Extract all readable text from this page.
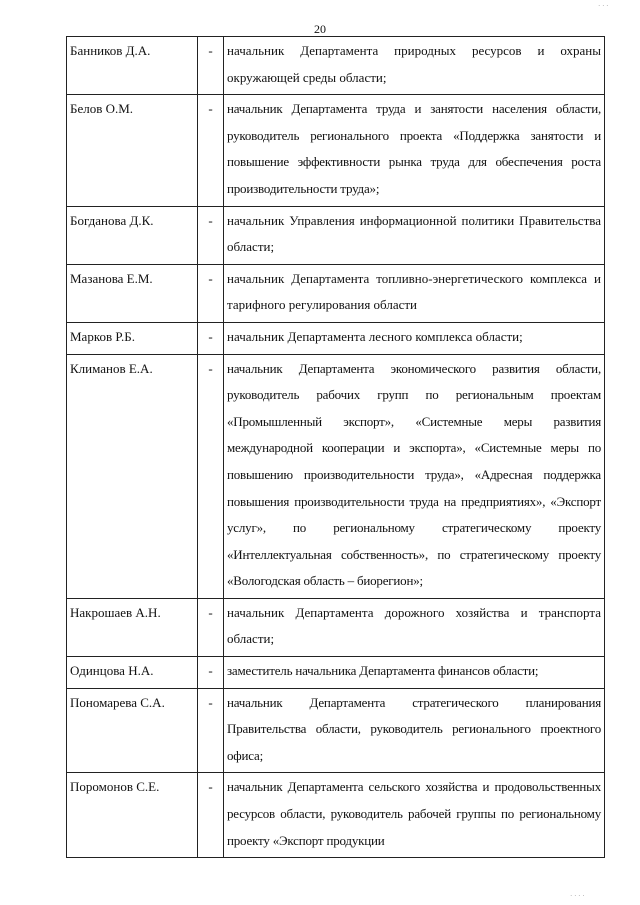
20
Банников Д.А.	-	начальник Департамента природных ресурсов и охраны окружающей среды области;
Белов О.М.	-	начальник Департамента труда и занятости населения области, руководитель регионального проекта «Поддержка занятости и повышение эффективности рынка труда для обеспечения роста производительности труда»;
Богданова Д.К.	-	начальник Управления информационной политики Правительства области;
Мазанова Е.М.	-	начальник Департамента топливно-энергетического комплекса и тарифного регулирования области
Марков Р.Б.	-	начальник Департамента лесного комплекса области;
Климанов Е.А.	-	начальник Департамента экономического развития области, руководитель рабочих групп по региональным проектам «Промышленный экспорт», «Системные меры развития международной кооперации и экспорта», «Системные меры по повышению производительности труда», «Адресная поддержка повышения производительности труда на предприятиях», «Экспорт услуг», по региональному стратегическому проекту «Интеллектуальная собственность», по стратегическому проекту «Вологодская область – биорегион»;
Накрошаев А.Н.	-	начальник Департамента дорожного хозяйства и транспорта области;
Одинцова Н.А.	-	заместитель начальника Департамента финансов области;
Пономарева С.А.	-	начальник Департамента стратегического планирования Правительства области, руководитель регионального проектного офиса;
Поромонов С.Е.	-	начальник Департамента сельского хозяйства и продовольственных ресурсов области, руководитель рабочей группы по региональному проекту «Экспорт продукции
· · ·
· · · ·
